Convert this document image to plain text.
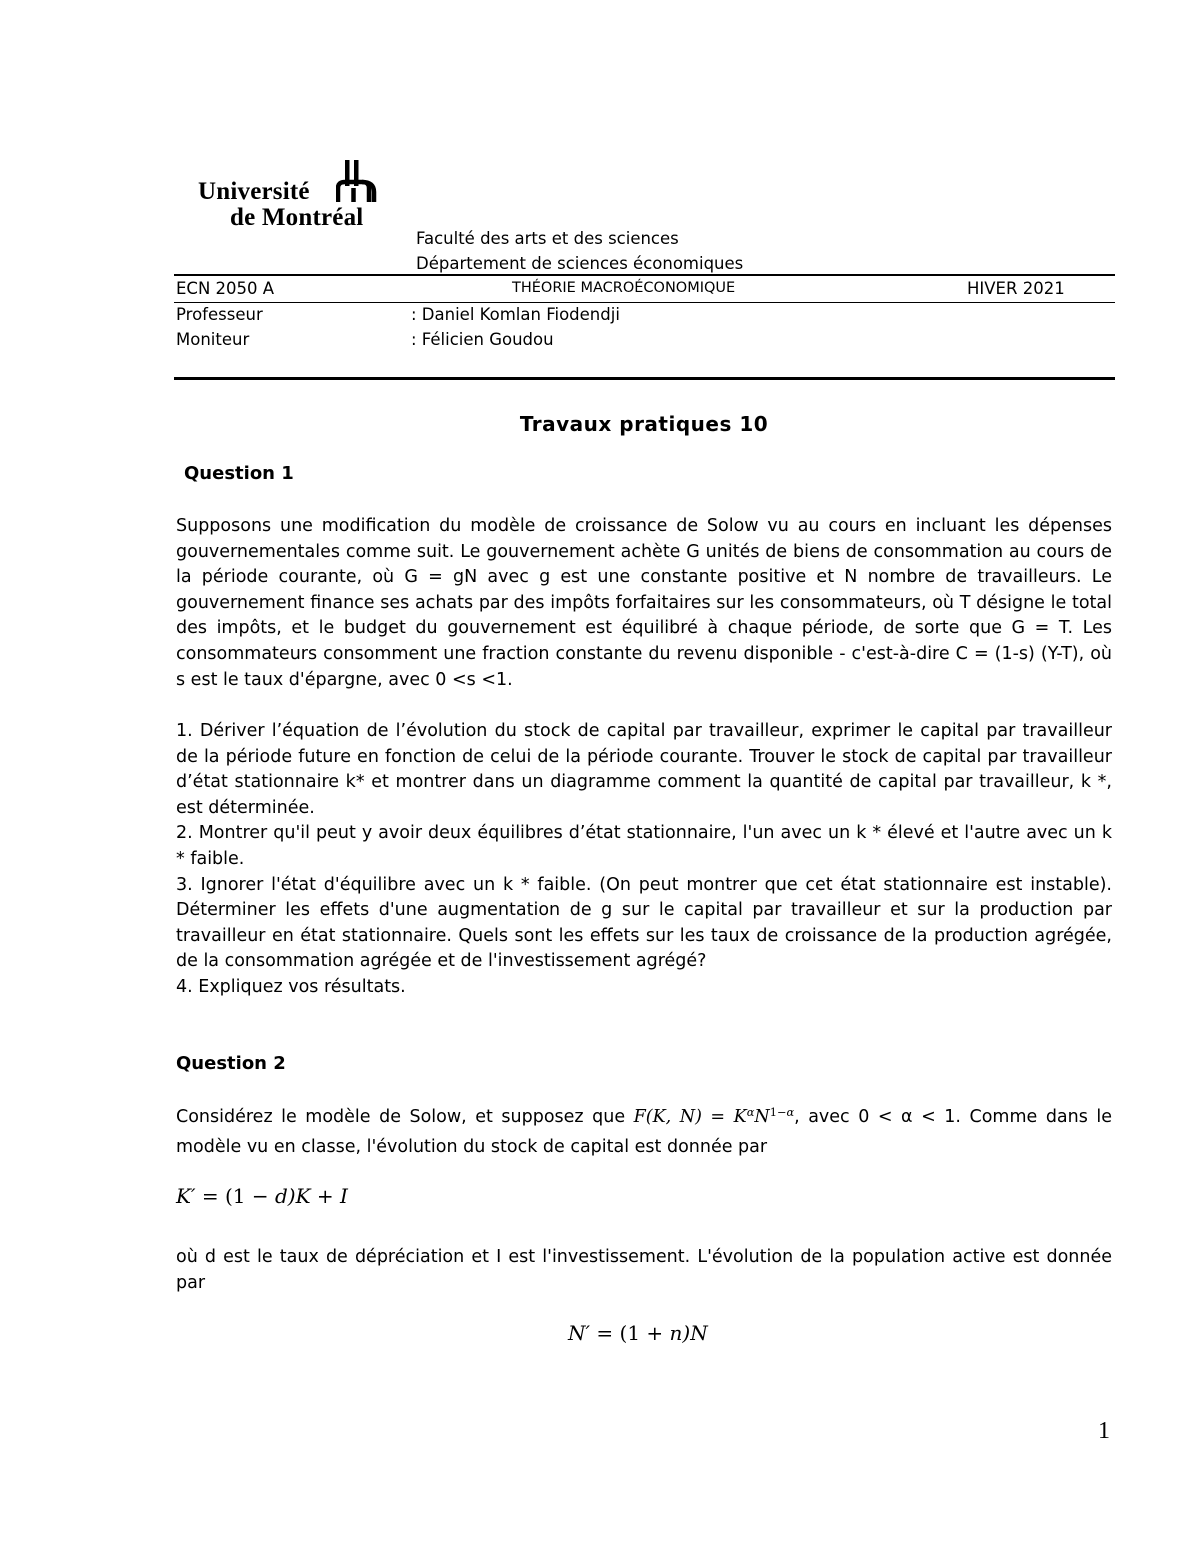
Université
de Montréal
Faculté des arts et des sciences
Département de sciences économiques
ECN 2050 A	THÉORIE MACROÉCONOMIQUE	HIVER 2021
Professeur	: Daniel Komlan Fiodendji
Moniteur	: Félicien Goudou
Travaux pratiques 10
Question 1
Supposons une modification du modèle de croissance de Solow vu au cours en incluant les dépenses gouvernementales comme suit. Le gouvernement achète G unités de biens de consommation au cours de la période courante, où G = gN avec g est une constante positive et N nombre de travailleurs. Le gouvernement finance ses achats par des impôts forfaitaires sur les consommateurs, où T désigne le total des impôts, et le budget du gouvernement est équilibré à chaque période, de sorte que G = T. Les consommateurs consomment une fraction constante du revenu disponible - c'est-à-dire C = (1-s) (Y-T), où s est le taux d'épargne, avec 0 <s <1.

1. Dériver l’équation de l’évolution du stock de capital par travailleur, exprimer le capital par travailleur de la période future en fonction de celui de la période courante. Trouver le stock de capital par travailleur d’état stationnaire k* et montrer dans un diagramme comment la quantité de capital par travailleur, k *, est déterminée.

2. Montrer qu'il peut y avoir deux équilibres d’état stationnaire, l'un avec un k * élevé et l'autre avec un k * faible.

3. Ignorer l'état d'équilibre avec un k * faible. (On peut montrer que cet état stationnaire est instable). Déterminer les effets d'une augmentation de g sur le capital par travailleur et sur la production par travailleur en état stationnaire. Quels sont les effets sur les taux de croissance de la production agrégée, de la consommation agrégée et de l'investissement agrégé?

4. Expliquez vos résultats.

Question 2
Considérez le modèle de Solow, et supposez que F(K, $N) = K^\alpha N^{1-\alpha}$, avec 0 < α < 1. Comme dans le modèle vu en classe, l'évolution du stock de capital est donnée par
K′ = (1 − d)K + I
où d est le taux de dépréciation et I est l'investissement. L'évolution de la population active est donnée par
N′ = (1 + n)N
1
